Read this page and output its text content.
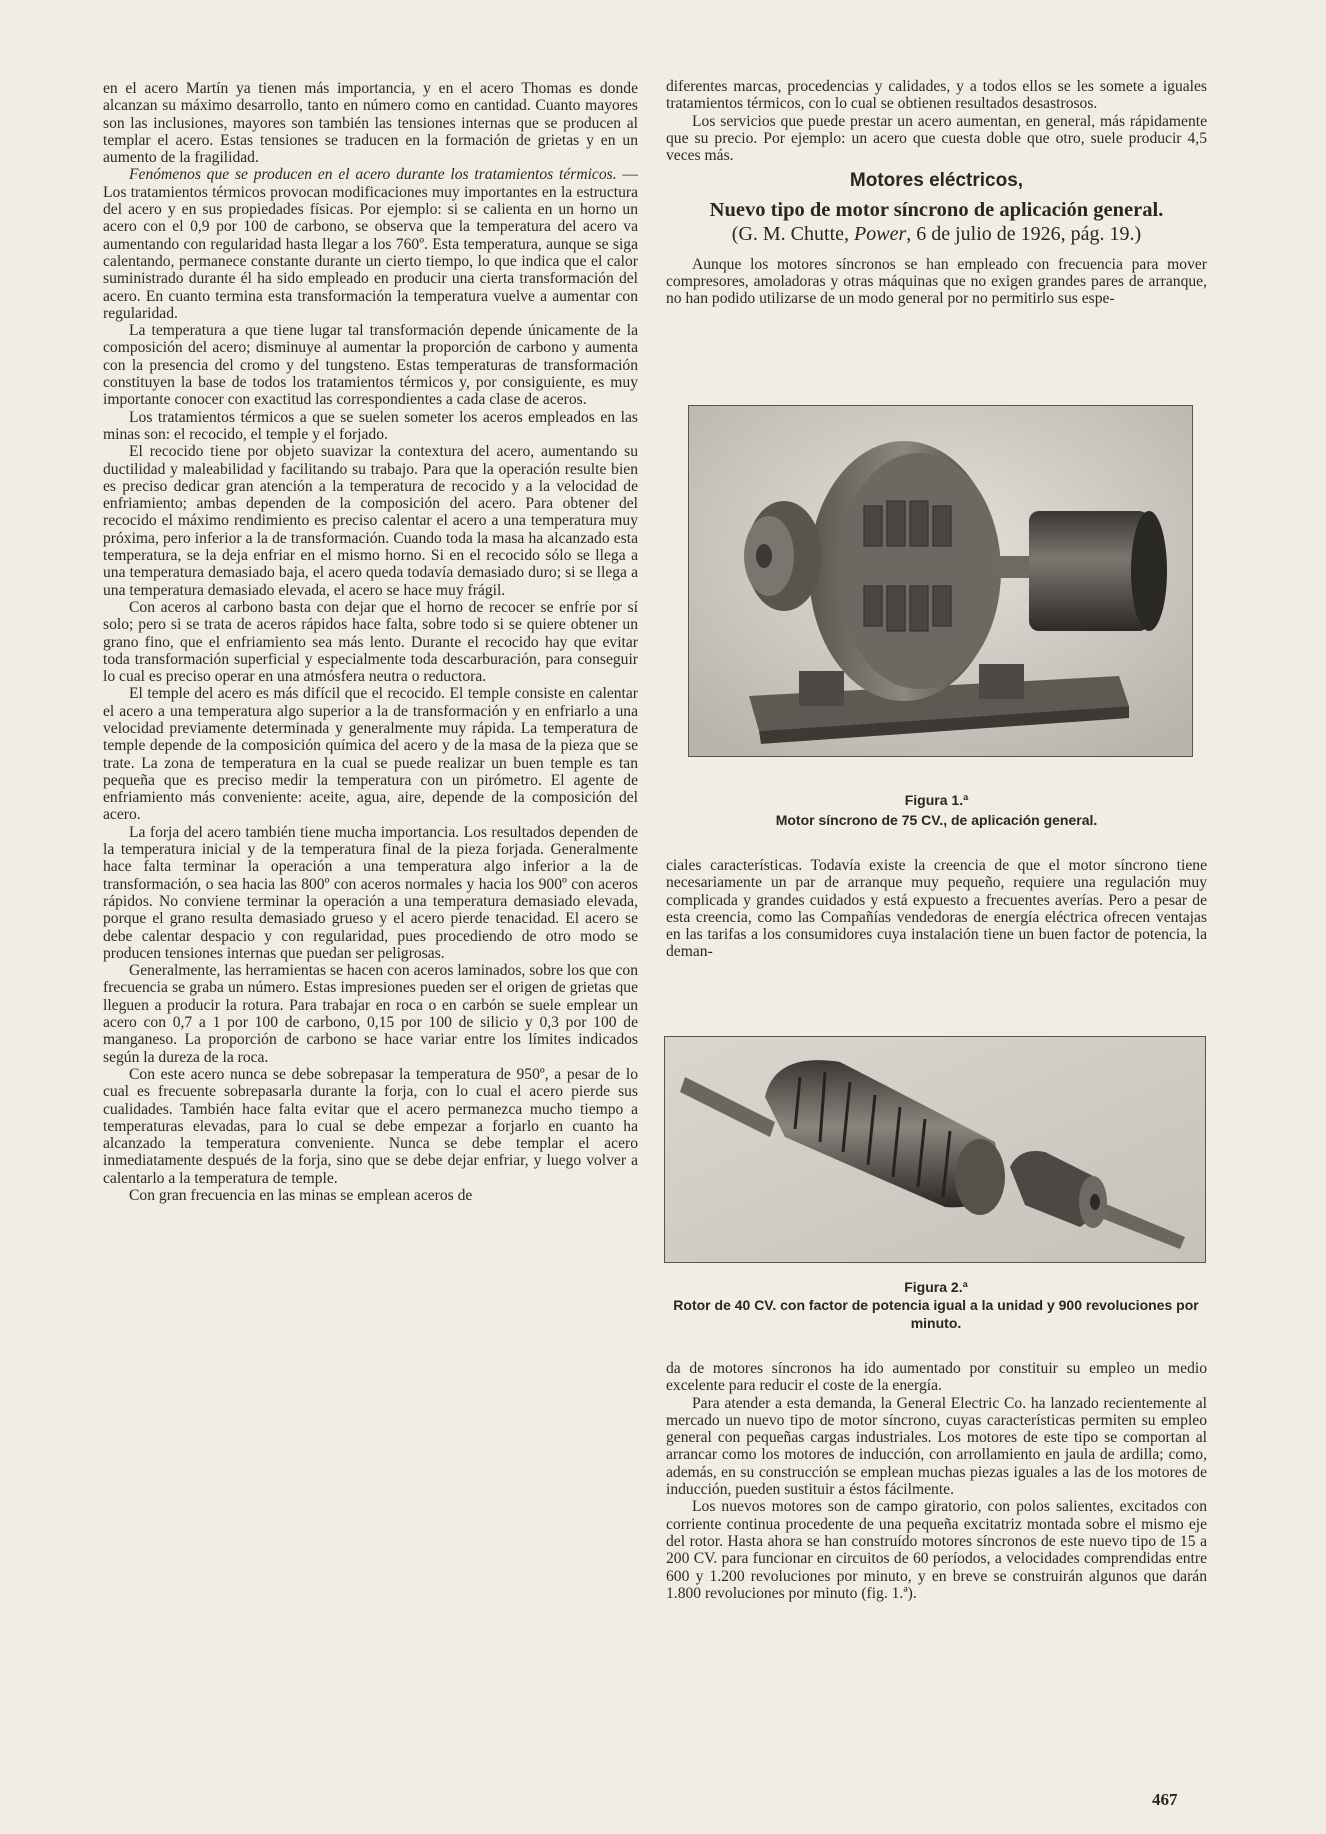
en el acero Martín ya tienen más importancia, y en el acero Thomas es donde alcanzan su máximo desarrollo, tanto en número como en cantidad. Cuanto mayores son las inclusiones, mayores son también las tensiones internas que se producen al templar el acero. Estas tensiones se traducen en la formación de grietas y en un aumento de la fragilidad.

Fenómenos que se producen en el acero durante los tratamientos térmicos. — Los tratamientos térmicos provocan modificaciones muy importantes en la estructura del acero y en sus propiedades físicas. Por ejemplo: si se calienta en un horno un acero con el 0,9 por 100 de carbono, se observa que la temperatura del acero va aumentando con regularidad hasta llegar a los 760º. Esta temperatura, aunque se siga calentando, permanece constante durante un cierto tiempo, lo que indica que el calor suministrado durante él ha sido empleado en producir una cierta transformación del acero. En cuanto termina esta transformación la temperatura vuelve a aumentar con regularidad.

La temperatura a que tiene lugar tal transformación depende únicamente de la composición del acero; disminuye al aumentar la proporción de carbono y aumenta con la presencia del cromo y del tungsteno. Estas temperaturas de transformación constituyen la base de todos los tratamientos térmicos y, por consiguiente, es muy importante conocer con exactitud las correspondientes a cada clase de aceros.

Los tratamientos térmicos a que se suelen someter los aceros empleados en las minas son: el recocido, el temple y el forjado.

El recocido tiene por objeto suavizar la contextura del acero, aumentando su ductilidad y maleabilidad y facilitando su trabajo. Para que la operación resulte bien es preciso dedicar gran atención a la temperatura de recocido y a la velocidad de enfriamiento; ambas dependen de la composición del acero. Para obtener del recocido el máximo rendimiento es preciso calentar el acero a una temperatura muy próxima, pero inferior a la de transformación. Cuando toda la masa ha alcanzado esta temperatura, se la deja enfriar en el mismo horno. Si en el recocido sólo se llega a una temperatura demasiado baja, el acero queda todavía demasiado duro; si se llega a una temperatura demasiado elevada, el acero se hace muy frágil.

Con aceros al carbono basta con dejar que el horno de recocer se enfríe por sí solo; pero si se trata de aceros rápidos hace falta, sobre todo si se quiere obtener un grano fino, que el enfriamiento sea más lento. Durante el recocido hay que evitar toda transformación superficial y especialmente toda descarburación, para conseguir lo cual es preciso operar en una atmósfera neutra o reductora.

El temple del acero es más difícil que el recocido. El temple consiste en calentar el acero a una temperatura algo superior a la de transformación y en enfriarlo a una velocidad previamente determinada y generalmente muy rápida. La temperatura de temple depende de la composición química del acero y de la masa de la pieza que se trate. La zona de temperatura en la cual se puede realizar un buen temple es tan pequeña que es preciso medir la temperatura con un pirómetro. El agente de enfriamiento más conveniente: aceite, agua, aire, depende de la composición del acero.

La forja del acero también tiene mucha importancia. Los resultados dependen de la temperatura inicial y de la temperatura final de la pieza forjada. Generalmente hace falta terminar la operación a una temperatura algo inferior a la de transformación, o sea hacia las 800º con aceros normales y hacia los 900º con aceros rápidos. No conviene terminar la operación a una temperatura demasiado elevada, porque el grano resulta demasiado grueso y el acero pierde tenacidad. El acero se debe calentar despacio y con regularidad, pues procediendo de otro modo se producen tensiones internas que puedan ser peligrosas.

Generalmente, las herramientas se hacen con aceros laminados, sobre los que con frecuencia se graba un número. Estas impresiones pueden ser el origen de grietas que lleguen a producir la rotura. Para trabajar en roca o en carbón se suele emplear un acero con 0,7 a 1 por 100 de carbono, 0,15 por 100 de silicio y 0,3 por 100 de manganeso. La proporción de carbono se hace variar entre los límites indicados según la dureza de la roca.

Con este acero nunca se debe sobrepasar la temperatura de 950º, a pesar de lo cual es frecuente sobrepasarla durante la forja, con lo cual el acero pierde sus cualidades. También hace falta evitar que el acero permanezca mucho tiempo a temperaturas elevadas, para lo cual se debe empezar a forjarlo en cuanto ha alcanzado la temperatura conveniente. Nunca se debe templar el acero inmediatamente después de la forja, sino que se debe dejar enfriar, y luego volver a calentarlo a la temperatura de temple.

Con gran frecuencia en las minas se emplean aceros de

diferentes marcas, procedencias y calidades, y a todos ellos se les somete a iguales tratamientos térmicos, con lo cual se obtienen resultados desastrosos.

Los servicios que puede prestar un acero aumentan, en general, más rápidamente que su precio. Por ejemplo: un acero que cuesta doble que otro, suele producir 4,5 veces más.

Motores eléctricos,
Nuevo tipo de motor síncrono de aplicación general.
(G. M. Chutte, Power, 6 de julio de 1926, pág. 19.)

Aunque los motores síncronos se han empleado con frecuencia para mover compresores, amoladoras y otras máquinas que no exigen grandes pares de arranque, no han podido utilizarse de un modo general por no permitirlo sus espe-

Figura 1.ª
Motor síncrono de 75 CV., de aplicación general.

ciales características. Todavía existe la creencia de que el motor síncrono tiene necesariamente un par de arranque muy pequeño, requiere una regulación muy complicada y grandes cuidados y está expuesto a frecuentes averías. Pero a pesar de esta creencia, como las Compañías vendedoras de energía eléctrica ofrecen ventajas en las tarifas a los consumidores cuya instalación tiene un buen factor de potencia, la deman-

Figura 2.ª
Rotor de 40 CV. con factor de potencia igual a la unidad y 900 revoluciones por minuto.

da de motores síncronos ha ido aumentado por constituir su empleo un medio excelente para reducir el coste de la energía.

Para atender a esta demanda, la General Electric Co. ha lanzado recientemente al mercado un nuevo tipo de motor síncrono, cuyas características permiten su empleo general con pequeñas cargas industriales. Los motores de este tipo se comportan al arrancar como los motores de inducción, con arrollamiento en jaula de ardilla; como, además, en su construcción se emplean muchas piezas iguales a las de los motores de inducción, pueden sustituir a éstos fácilmente.

Los nuevos motores son de campo giratorio, con polos salientes, excitados con corriente continua procedente de una pequeña excitatriz montada sobre el mismo eje del rotor. Hasta ahora se han construído motores síncronos de este nuevo tipo de 15 a 200 CV. para funcionar en circuitos de 60 períodos, a velocidades comprendidas entre 600 y 1.200 revoluciones por minuto, y en breve se construirán algunos que darán 1.800 revoluciones por minuto (fig. 1.ª).

467
